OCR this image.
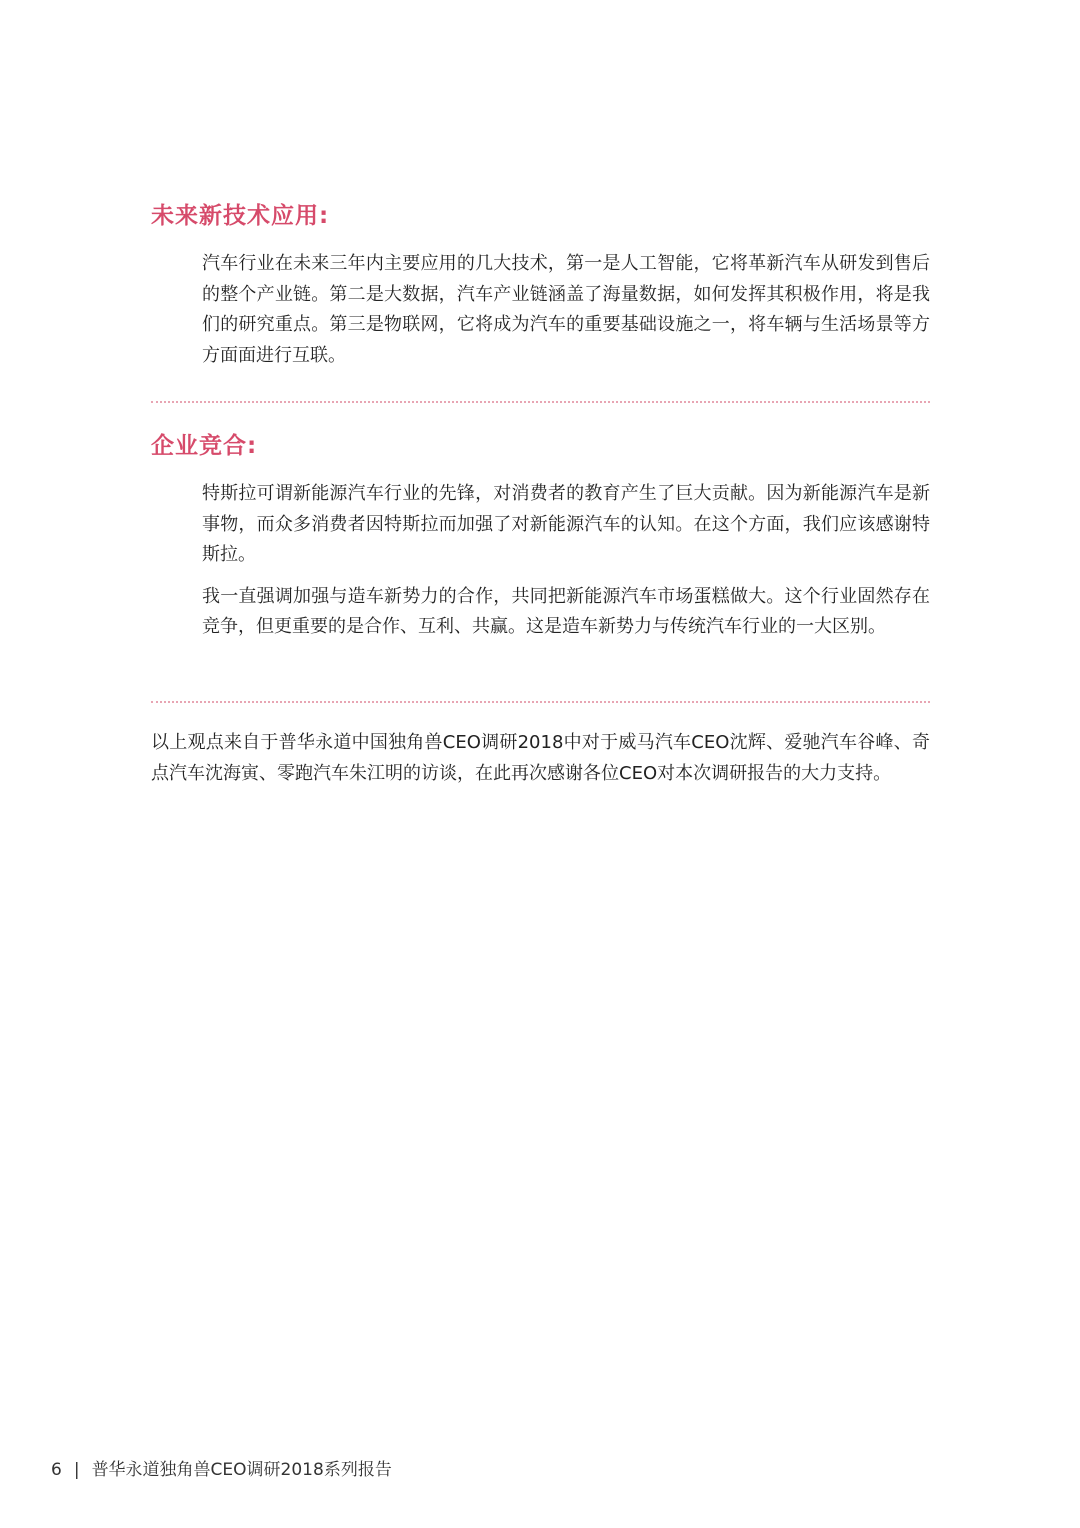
未来新技术应用:

汽车行业在未来三年内主要应用的几大技术，第一是人工智能，它将革新汽车从研发到售后的整个产业链。第二是大数据，汽车产业链涵盖了海量数据，如何发挥其积极作用，将是我们的研究重点。第三是物联网，它将成为汽车的重要基础设施之一，将车辆与生活场景等方方面面进行互联。

企业竞合:

特斯拉可谓新能源汽车行业的先锋，对消费者的教育产生了巨大贡献。因为新能源汽车是新事物，而众多消费者因特斯拉而加强了对新能源汽车的认知。在这个方面，我们应该感谢特斯拉。

我一直强调加强与造车新势力的合作，共同把新能源汽车市场蛋糕做大。这个行业固然存在竞争，但更重要的是合作、互利、共赢。这是造车新势力与传统汽车行业的一大区别。

以上观点来自于普华永道中国独角兽CEO调研2018中对于威马汽车CEO沈辉、爱驰汽车谷峰、奇点汽车沈海寅、零跑汽车朱江明的访谈，在此再次感谢各位CEO对本次调研报告的大力支持。

6 | 普华永道独角兽CEO调研2018系列报告
